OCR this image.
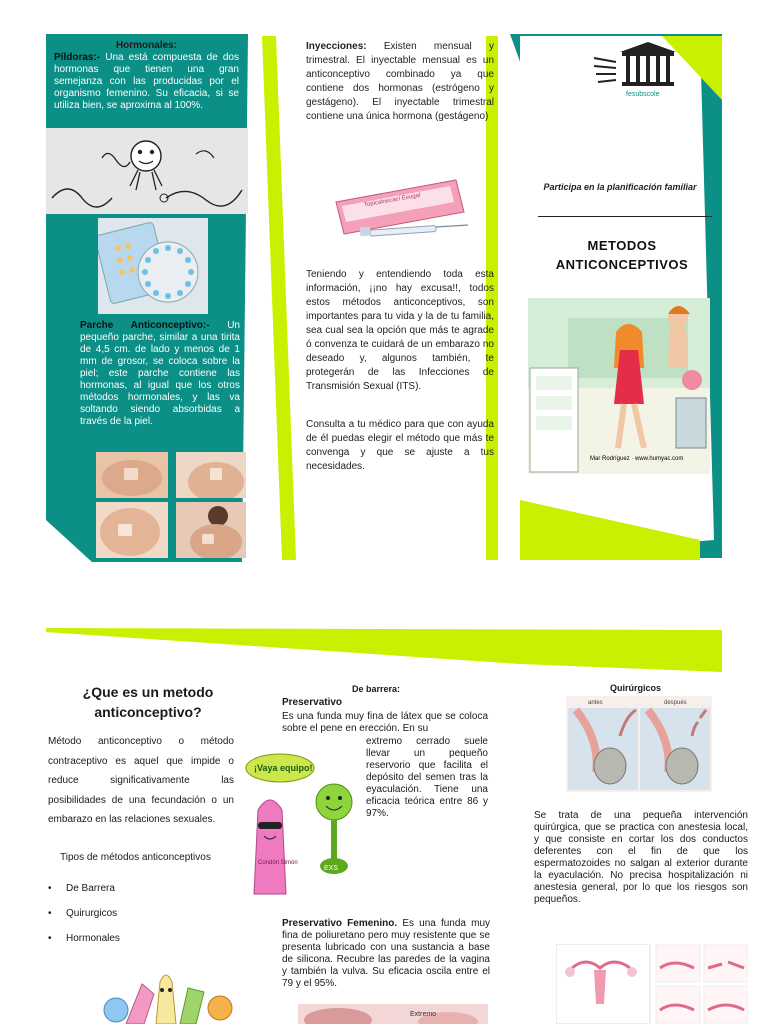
Hormonales:
Píldoras:- Una está compuesta de dos hormonas que tienen una gran semejanza con las producidas por el organismo femenino. Su eficacia, si se utiliza bien, se aproxima al 100%.
Parche Anticonceptivo:- Un pequeño parche, similar a una tirita de 4,5 cm. de lado y menos de 1 mm de grosor, se coloca sobre la piel; este parche contiene las hormonas, al igual que los otros métodos hormonales, y las va soltando siendo absorbidas a través de la piel.
Inyecciones: Existen mensual y trimestral. El inyectable mensual es un anticonceptivo combinado ya que contiene dos hormonas (estrógeno y gestágeno). El inyectable trimestral contiene una única hormona (gestágeno)
Topicalnecae/ Eeugal
Teniendo y entendiendo toda esta información, ¡¡no hay excusa!!, todos estos métodos anticonceptivos, son importantes para tu vida y la de tu familia, sea cual sea la opción que más te agrade ó convenza te cuidará de un embarazo no deseado y, algunos también, te protegerán de las Infecciones de Transmisión Sexual (ITS).
Consulta a tu médico para que con ayuda de él puedas elegir el método que más te convenga y que se ajuste a tus necesidades.
fesubscole
Participa en la planificación familiar
METODOS ANTICONCEPTIVOS
Mar Rodríguez · www.humyac.com
¿Que es un metodo anticonceptivo?
Método anticonceptivo o método contraceptivo es aquel que impide o reduce significativamente las posibilidades de una fecundación o un embarazo en las relaciones sexuales.
Tipos de métodos anticonceptivos
• De Barrera
• Quirurgicos
• Hormonales
De barrera:
Preservativo
Es una funda muy fina de látex que se coloca sobre el pene en erección. En su
extremo cerrado suele llevar un pequeño reservorio que facilita el depósito del semen tras la eyaculación. Tiene una eficacia teórica entre 86 y 97%.
¡Vaya equipo!
EXS
Condón Simón
Preservativo Femenino. Es una funda muy fina de poliuretano pero muy resistente que se presenta lubricado con una sustancia a base de silicona. Recubre las paredes de la vagina y también la vulva. Su eficacia oscila entre el 79 y el 95%.
Extremo
Quirúrgicos
antes	después
Se trata de una pequeña intervención quirúrgica, que se practica con anestesia local, y que consiste en cortar los dos conductos deferentes con el fin de que los espermatozoides no salgan al exterior durante la eyaculación. No precisa hospitalización ni anestesia general, por lo que los riesgos son pequeños.
